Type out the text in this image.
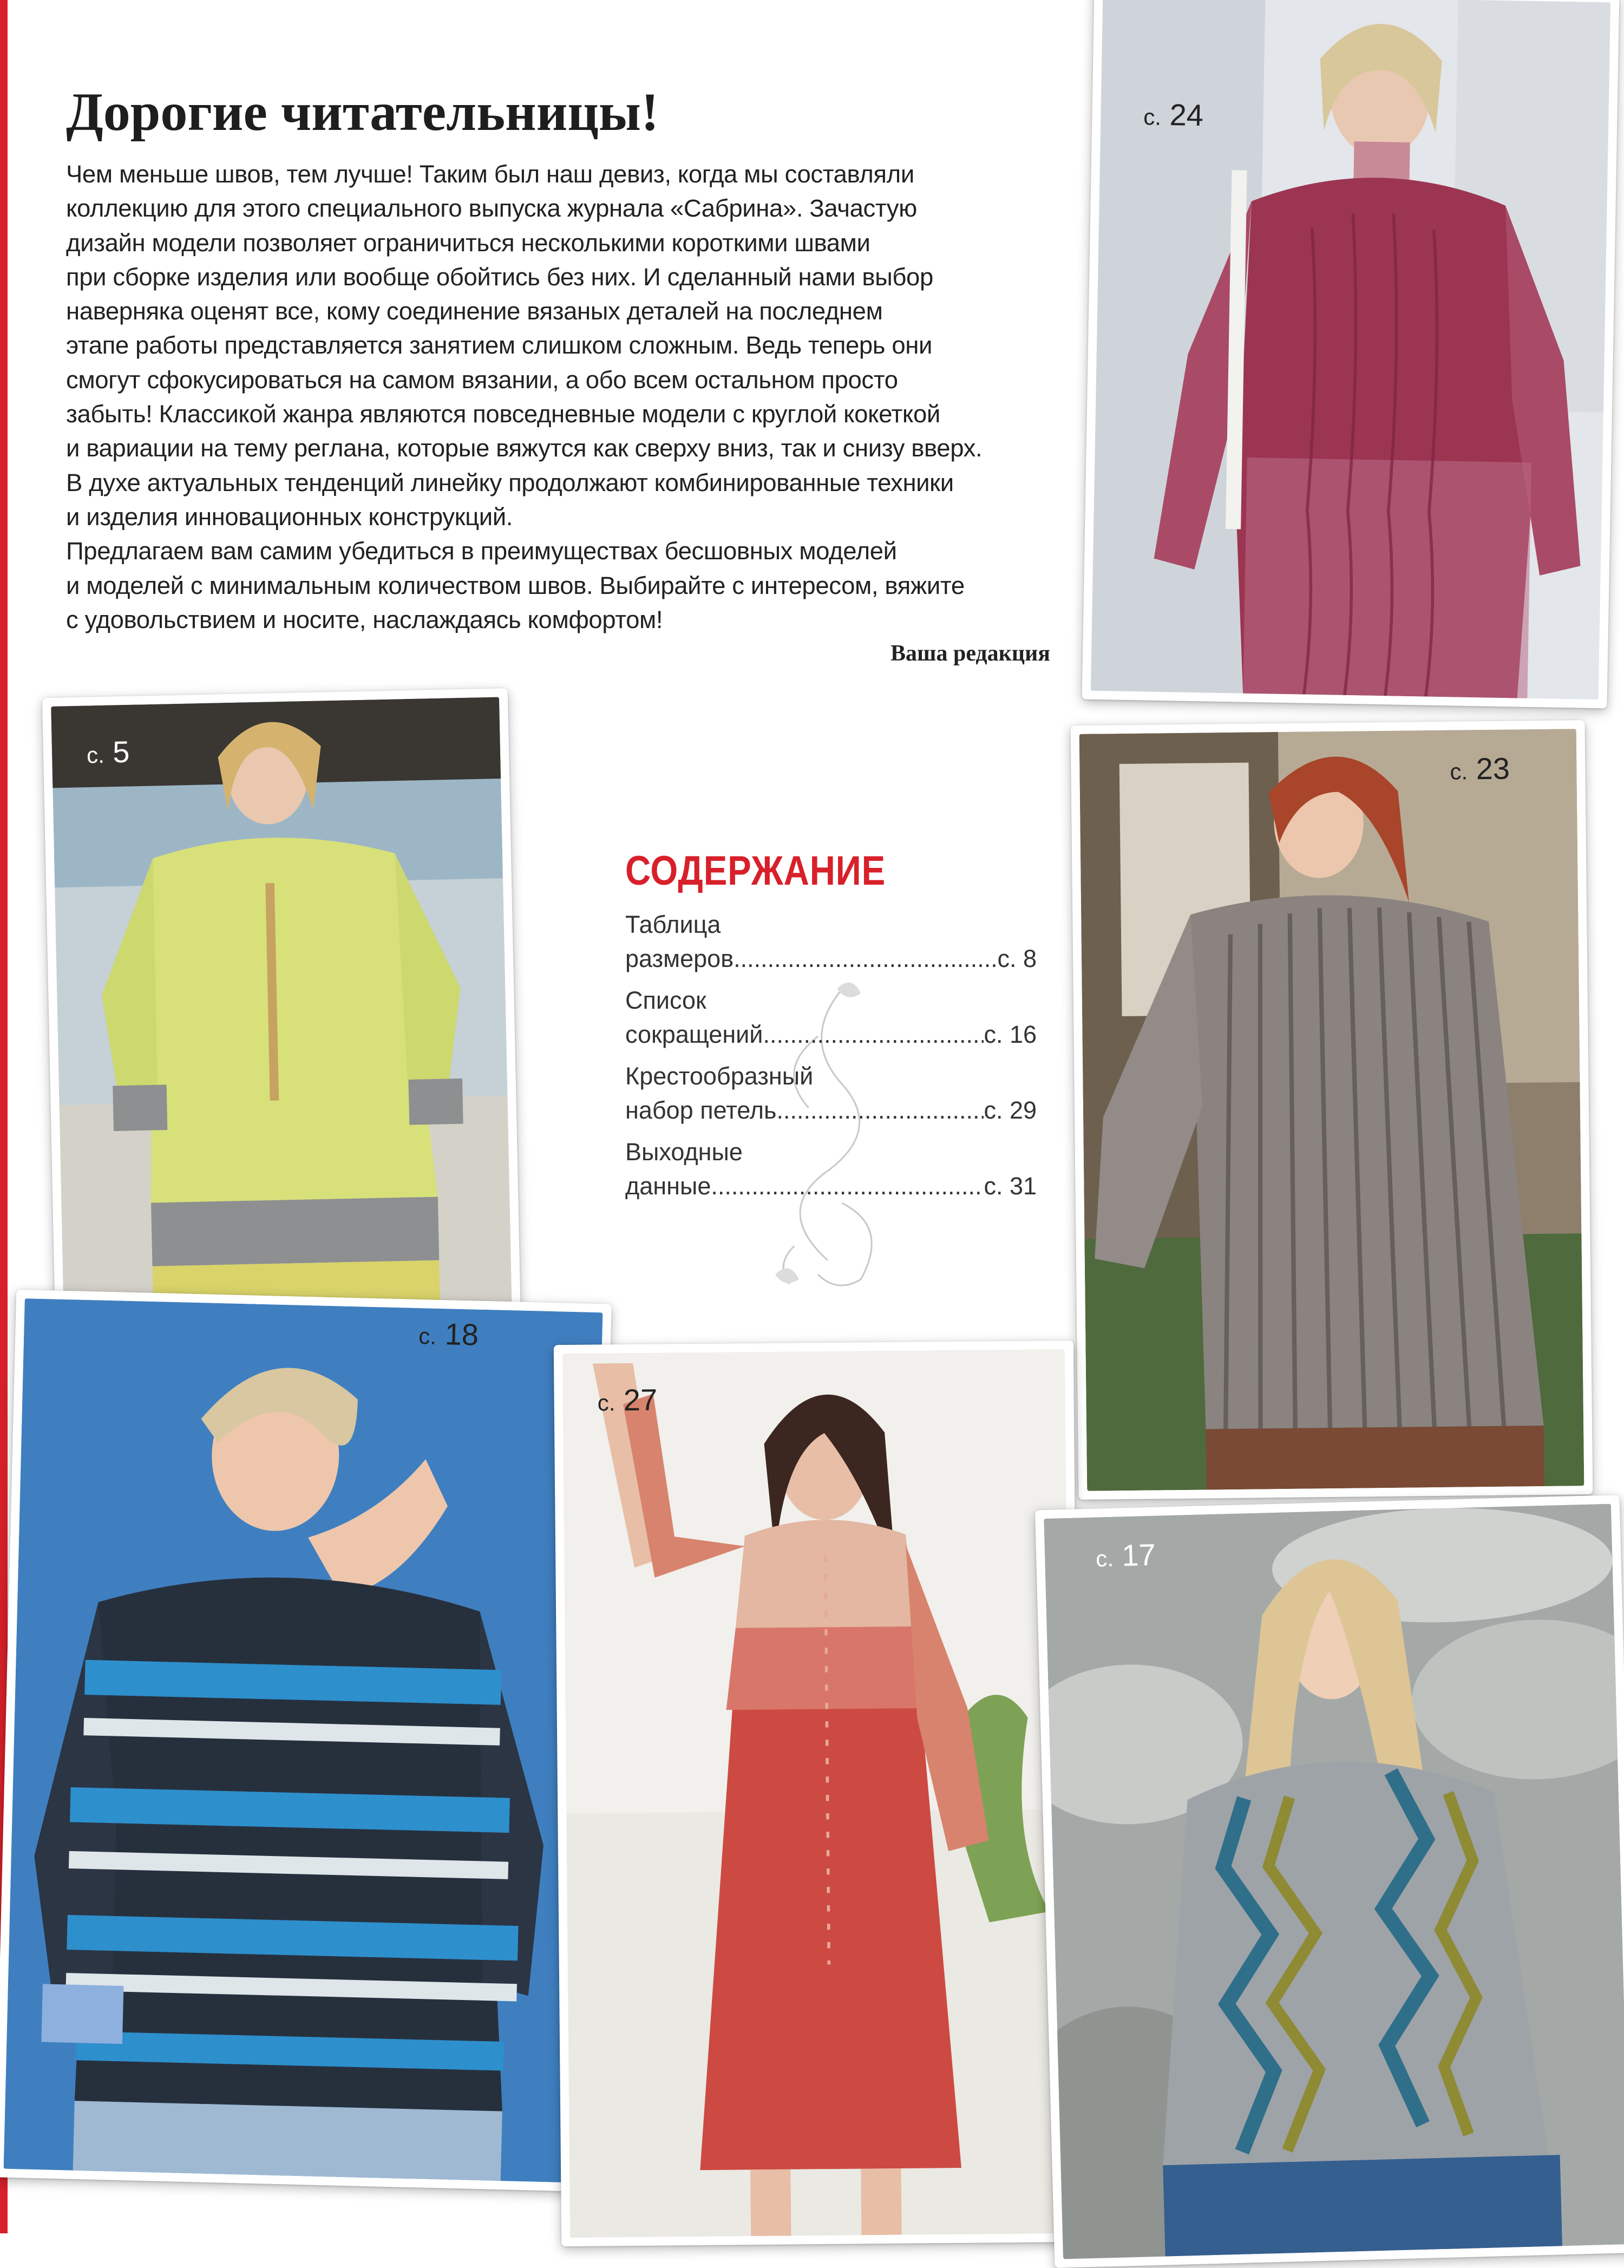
Дорогие читательницы!
Чем меньше швов, тем лучше! Таким был наш девиз, когда мы составляли
коллекцию для этого специального выпуска журнала «Сабрина». Зачастую
дизайн модели позволяет ограничиться несколькими короткими швами
при сборке изделия или вообще обойтись без них. И сделанный нами выбор
наверняка оценят все, кому соединение вязаных деталей на последнем
этапе работы представляется занятием слишком сложным. Ведь теперь они
смогут сфокусироваться на самом вязании, а обо всем остальном просто
забыть! Классикой жанра являются повседневные модели с круглой кокеткой
и вариации на тему реглана, которые вяжутся как сверху вниз, так и снизу вверх.
В духе актуальных тенденций линейку продолжают комбинированные техники
и изделия инновационных конструкций.
Предлагаем вам самим убедиться в преимуществах бесшовных моделей
и моделей с минимальным количеством швов. Выбирайте с интересом, вяжите
с удовольствием и носите, наслаждаясь комфортом!
Ваша редакция
с. 24
с. 5
с. 23
с. 18
с. 27
с. 17
СОДЕРЖАНИЕ
Таблица
размеров .....	с. 8
Список
сокращений .....	с. 16
Крестообразный
набор петель .....	с. 29
Выходные
данные .....	с. 31
